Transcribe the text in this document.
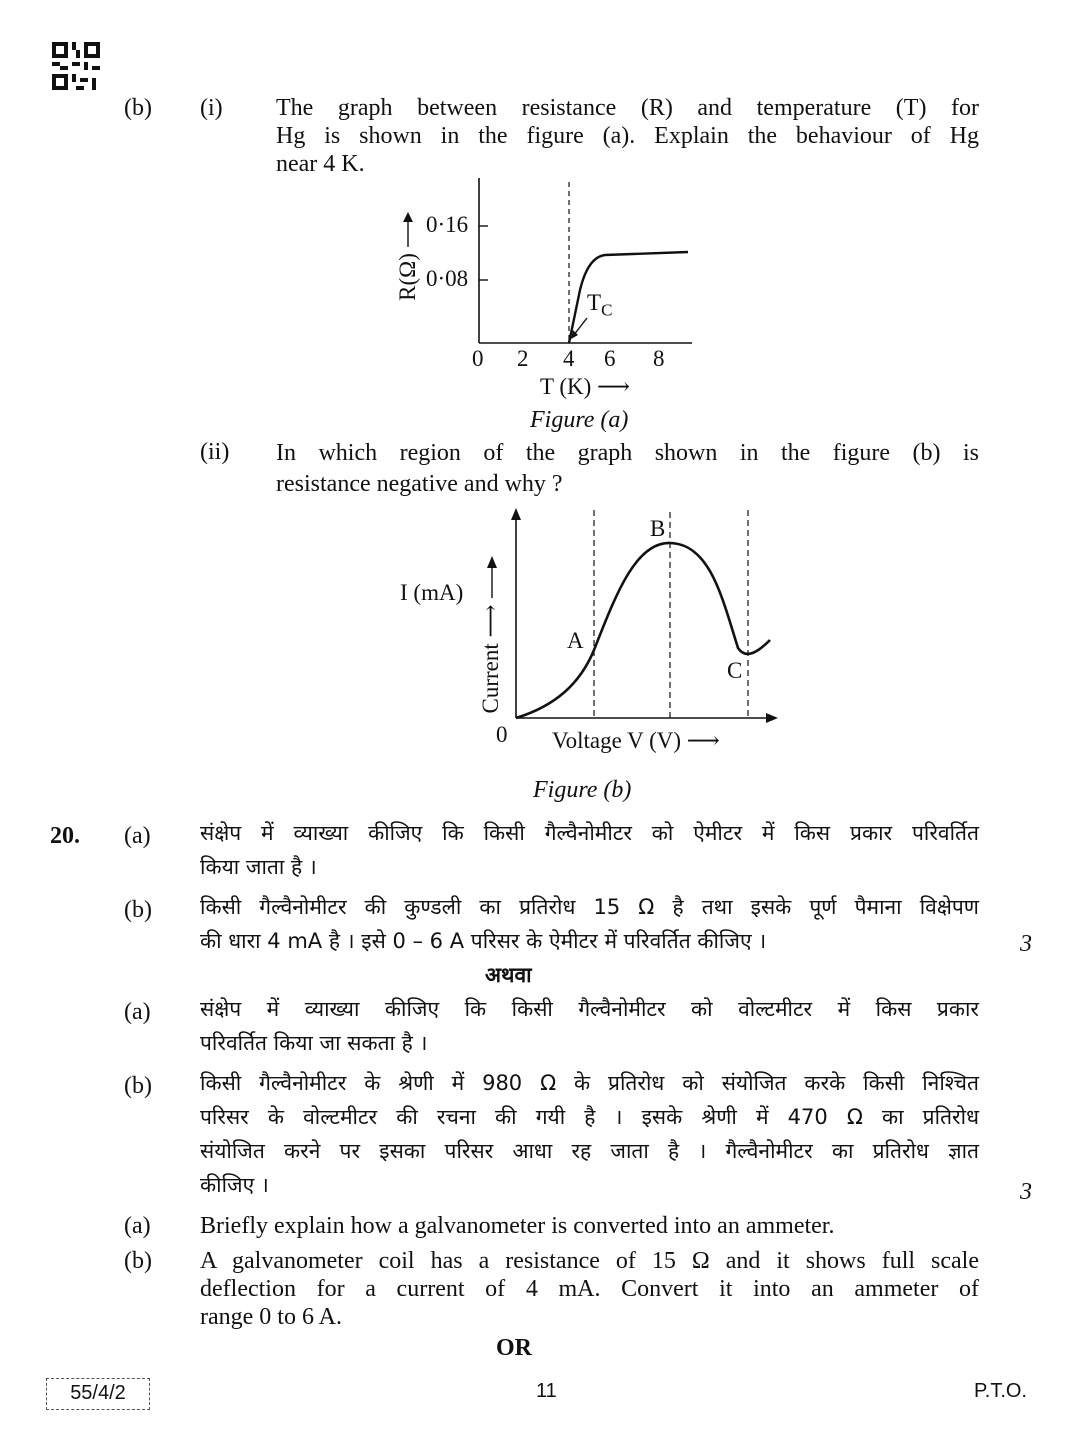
(b) (i) The graph between resistance (R) and temperature (T) for
Hg is shown in the figure (a). Explain the behaviour of Hg
near 4 K.
R(Ω)
0·16
0·08
0 2 4 6 8
T (K) ⟶
$T_C$
Figure (a)
(ii) In which region of the graph shown in the figure (b) is
resistance negative and why ?
I (mA)
Current ⟶
0 Voltage V (V) ⟶
A
B
C
Figure (b)
20. (a) संक्षेप में व्याख्या कीजिए कि किसी गैल्वैनोमीटर को ऐमीटर में किस प्रकार परिवर्तित
किया जाता है ।
(b) किसी गैल्वैनोमीटर की कुण्डली का प्रतिरोध 15 Ω है तथा इसके पूर्ण पैमाना विक्षेपण
की धारा 4 mA है । इसे 0 – 6 A परिसर के ऐमीटर में परिवर्तित कीजिए ।	3
अथवा
(a) संक्षेप में व्याख्या कीजिए कि किसी गैल्वैनोमीटर को वोल्टमीटर में किस प्रकार
परिवर्तित किया जा सकता है ।
(b) किसी गैल्वैनोमीटर के श्रेणी में 980 Ω के प्रतिरोध को संयोजित करके किसी निश्चित
परिसर के वोल्टमीटर की रचना की गयी है । इसके श्रेणी में 470 Ω का प्रतिरोध
संयोजित करने पर इसका परिसर आधा रह जाता है । गैल्वैनोमीटर का प्रतिरोध ज्ञात
कीजिए ।	3
(a) Briefly explain how a galvanometer is converted into an ammeter.
(b) A galvanometer coil has a resistance of 15 Ω and it shows full scale
deflection for a current of 4 mA. Convert it into an ammeter of
range 0 to 6 A.
OR
55/4/2	11	P.T.O.
